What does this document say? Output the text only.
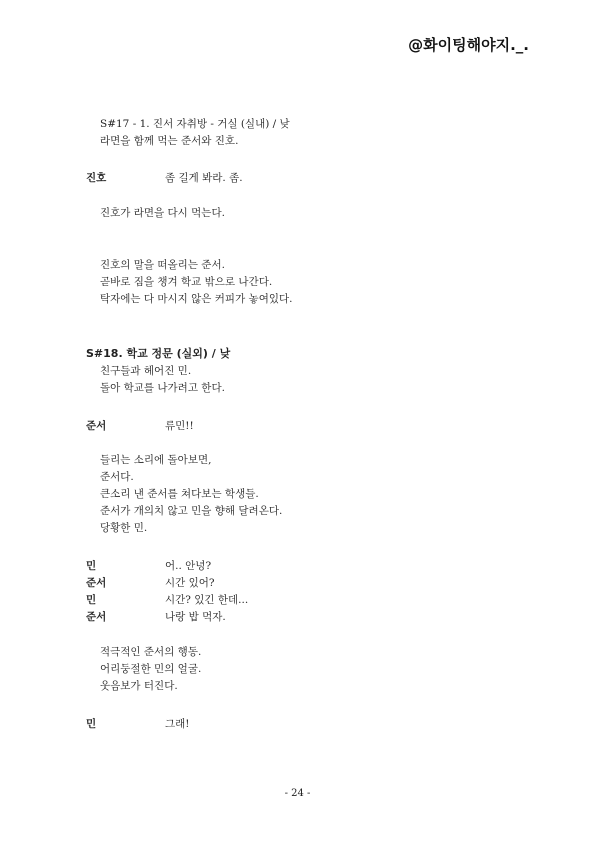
@화이팅해야지._.
S#17 - 1. 진서 자취방 - 거실 (실내) / 낮
라면을 함께 먹는 준서와 진호.
진호	좀 길게 봐라. 좀.
진호가 라면을 다시 먹는다.
진호의 말을 떠올리는 준서.
곧바로 짐을 챙겨 학교 밖으로 나간다.
탁자에는 다 마시지 않은 커피가 놓여있다.
S#18. 학교 정문 (실외) / 낮
친구들과 헤어진 민.
돌아 학교를 나가려고 한다.
준서	류민!!
들리는 소리에 돌아보면,
준서다.
큰소리 낸 준서를 쳐다보는 학생들.
준서가 개의치 않고 민을 향해 달려온다.
당황한 민.
민	어.. 안녕?
준서	시간 있어?
민	시간? 있긴 한데...
준서	나랑 밥 먹자.
적극적인 준서의 행동.
어리둥절한 민의 얼굴.
웃음보가 터진다.
민	그래!
- 24 -
